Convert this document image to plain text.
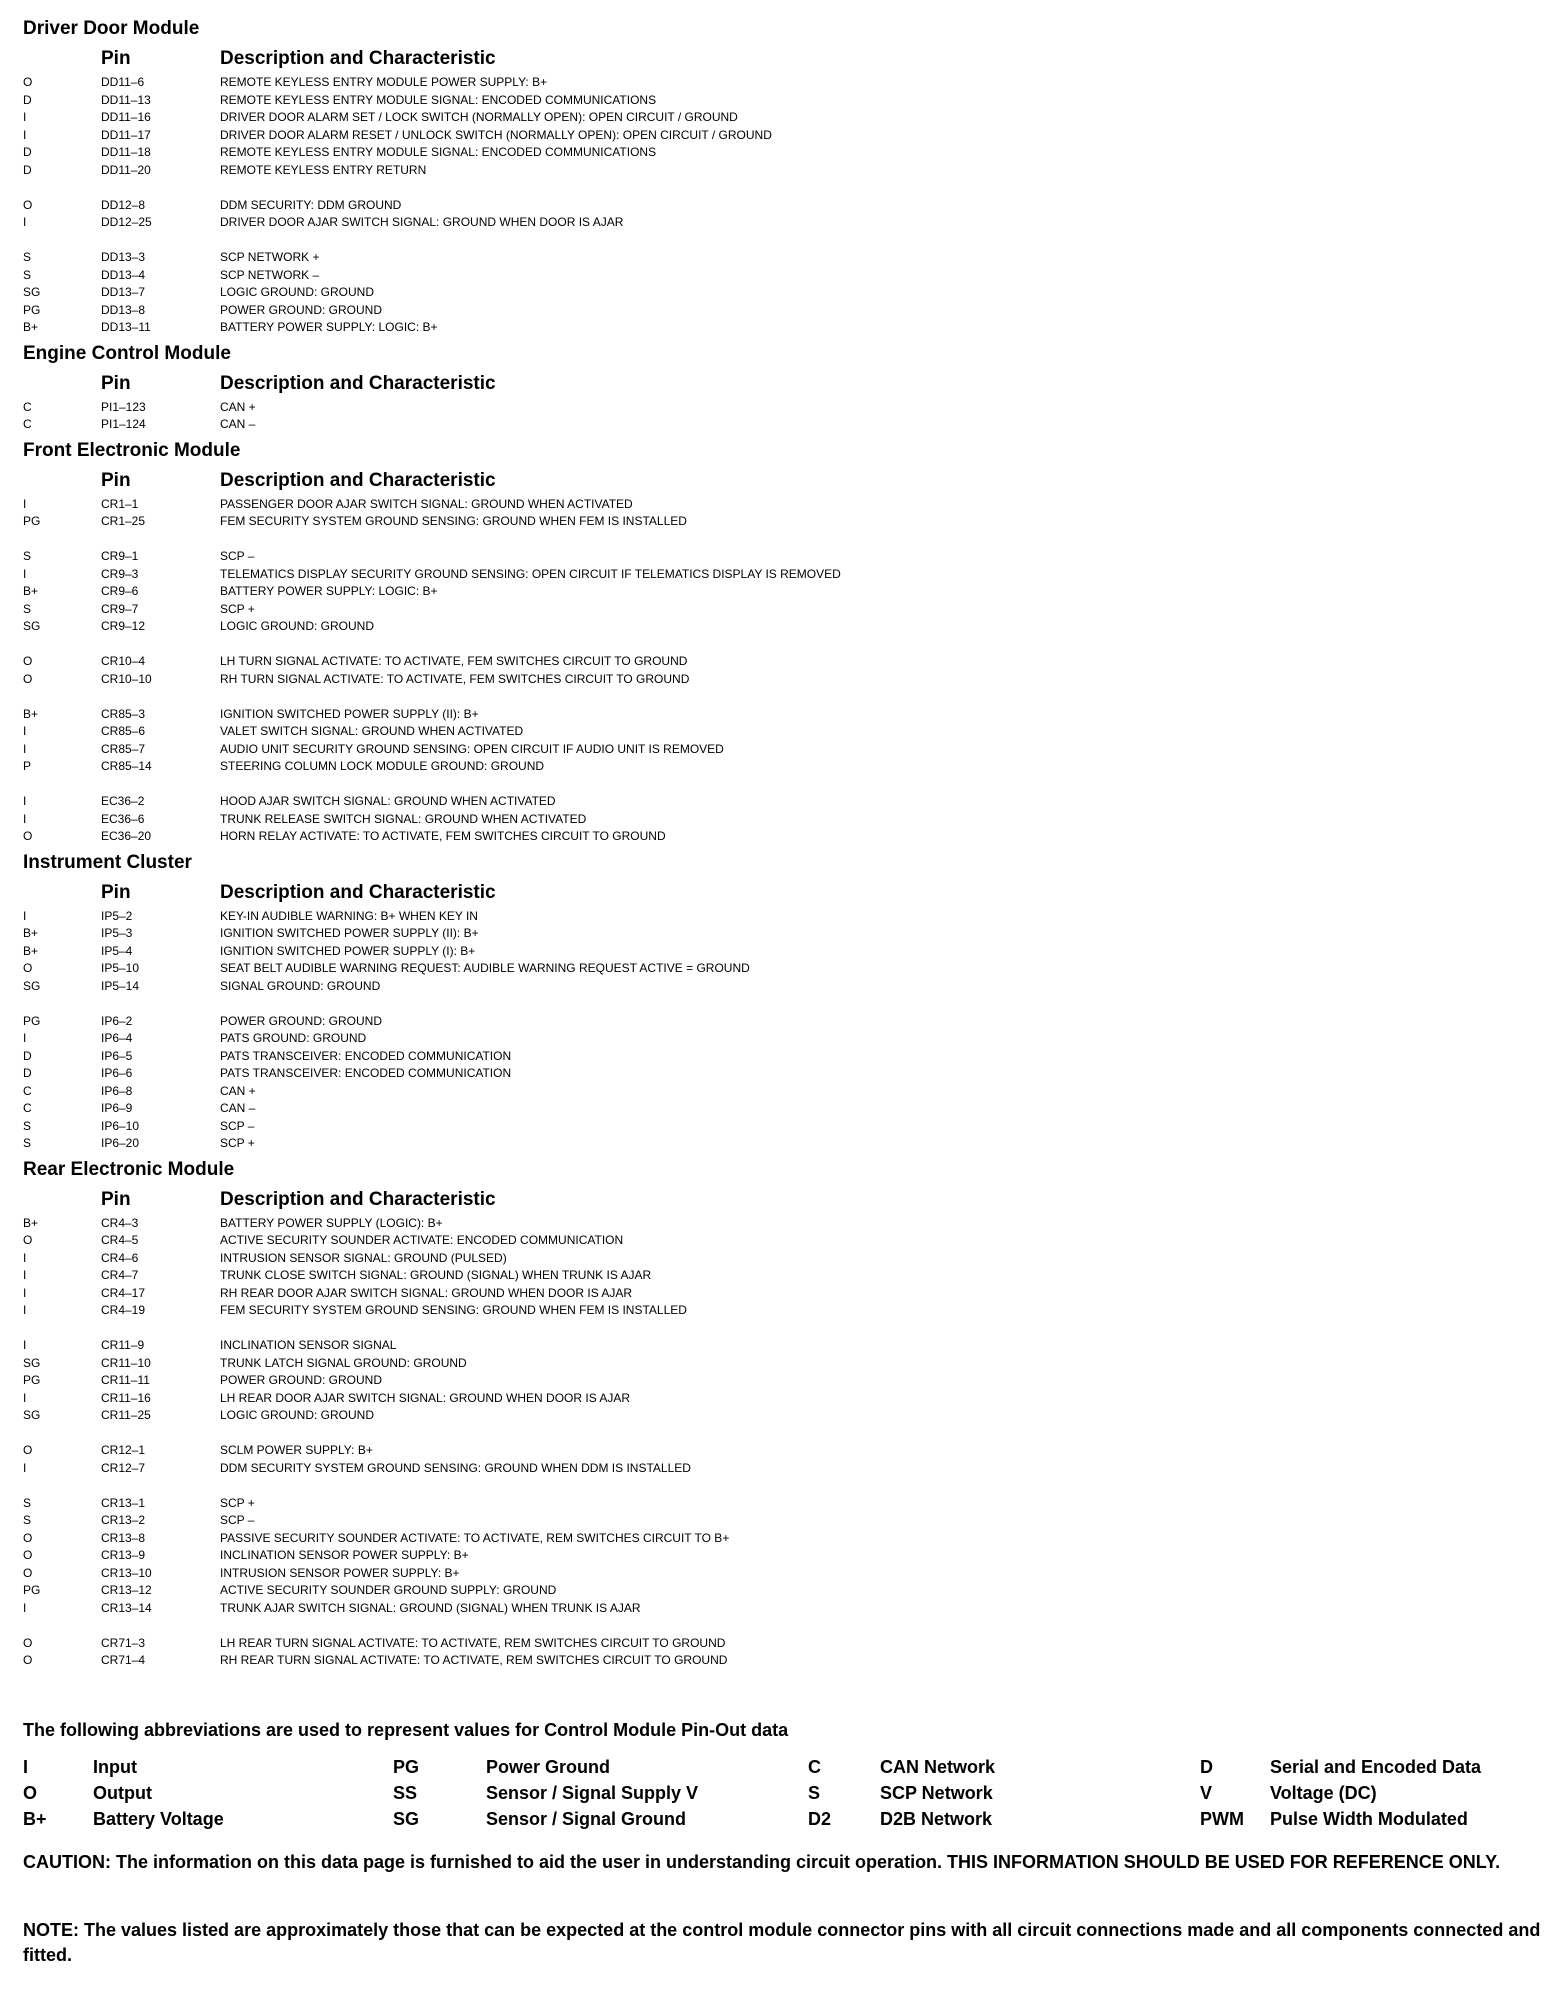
Driver Door Module
Pin	Description and Characteristic
O	DD11–6	REMOTE KEYLESS ENTRY MODULE POWER SUPPLY: B+
D	DD11–13	REMOTE KEYLESS ENTRY MODULE SIGNAL: ENCODED COMMUNICATIONS
I	DD11–16	DRIVER DOOR ALARM SET / LOCK SWITCH (NORMALLY OPEN): OPEN CIRCUIT / GROUND
I	DD11–17	DRIVER DOOR ALARM RESET / UNLOCK SWITCH (NORMALLY OPEN): OPEN CIRCUIT / GROUND
D	DD11–18	REMOTE KEYLESS ENTRY MODULE SIGNAL: ENCODED COMMUNICATIONS
D	DD11–20	REMOTE KEYLESS ENTRY RETURN
O	DD12–8	DDM SECURITY: DDM GROUND
I	DD12–25	DRIVER DOOR AJAR SWITCH SIGNAL: GROUND WHEN DOOR IS AJAR
S	DD13–3	SCP NETWORK +
S	DD13–4	SCP NETWORK –
SG	DD13–7	LOGIC GROUND: GROUND
PG	DD13–8	POWER GROUND: GROUND
B+	DD13–11	BATTERY POWER SUPPLY: LOGIC: B+
Engine Control Module
Pin	Description and Characteristic
C	PI1–123	CAN +
C	PI1–124	CAN –
Front Electronic Module
Pin	Description and Characteristic
I	CR1–1	PASSENGER DOOR AJAR SWITCH SIGNAL: GROUND WHEN ACTIVATED
PG	CR1–25	FEM SECURITY SYSTEM GROUND SENSING: GROUND WHEN FEM IS INSTALLED
S	CR9–1	SCP –
I	CR9–3	TELEMATICS DISPLAY SECURITY GROUND SENSING: OPEN CIRCUIT IF TELEMATICS DISPLAY IS REMOVED
B+	CR9–6	BATTERY POWER SUPPLY: LOGIC: B+
S	CR9–7	SCP +
SG	CR9–12	LOGIC GROUND: GROUND
O	CR10–4	LH TURN SIGNAL ACTIVATE: TO ACTIVATE, FEM SWITCHES CIRCUIT TO GROUND
O	CR10–10	RH TURN SIGNAL ACTIVATE: TO ACTIVATE, FEM SWITCHES CIRCUIT TO GROUND
B+	CR85–3	IGNITION SWITCHED POWER SUPPLY (II): B+
I	CR85–6	VALET SWITCH SIGNAL: GROUND WHEN ACTIVATED
I	CR85–7	AUDIO UNIT SECURITY GROUND SENSING: OPEN CIRCUIT IF AUDIO UNIT IS REMOVED
P	CR85–14	STEERING COLUMN LOCK MODULE GROUND: GROUND
I	EC36–2	HOOD AJAR SWITCH SIGNAL: GROUND WHEN ACTIVATED
I	EC36–6	TRUNK RELEASE SWITCH SIGNAL: GROUND WHEN ACTIVATED
O	EC36–20	HORN RELAY ACTIVATE: TO ACTIVATE, FEM SWITCHES CIRCUIT TO GROUND
Instrument Cluster
Pin	Description and Characteristic
I	IP5–2	KEY-IN AUDIBLE WARNING: B+ WHEN KEY IN
B+	IP5–3	IGNITION SWITCHED POWER SUPPLY (II): B+
B+	IP5–4	IGNITION SWITCHED POWER SUPPLY (I): B+
O	IP5–10	SEAT BELT AUDIBLE WARNING REQUEST: AUDIBLE WARNING REQUEST ACTIVE = GROUND
SG	IP5–14	SIGNAL GROUND: GROUND
PG	IP6–2	POWER GROUND: GROUND
I	IP6–4	PATS GROUND: GROUND
D	IP6–5	PATS TRANSCEIVER: ENCODED COMMUNICATION
D	IP6–6	PATS TRANSCEIVER: ENCODED COMMUNICATION
C	IP6–8	CAN +
C	IP6–9	CAN –
S	IP6–10	SCP –
S	IP6–20	SCP +
Rear Electronic Module
Pin	Description and Characteristic
B+	CR4–3	BATTERY POWER SUPPLY (LOGIC): B+
O	CR4–5	ACTIVE SECURITY SOUNDER ACTIVATE: ENCODED COMMUNICATION
I	CR4–6	INTRUSION SENSOR SIGNAL: GROUND (PULSED)
I	CR4–7	TRUNK CLOSE SWITCH SIGNAL: GROUND (SIGNAL) WHEN TRUNK IS AJAR
I	CR4–17	RH REAR DOOR AJAR SWITCH SIGNAL: GROUND WHEN DOOR IS AJAR
I	CR4–19	FEM SECURITY SYSTEM GROUND SENSING: GROUND WHEN FEM IS INSTALLED
I	CR11–9	INCLINATION SENSOR SIGNAL
SG	CR11–10	TRUNK LATCH SIGNAL GROUND: GROUND
PG	CR11–11	POWER GROUND: GROUND
I	CR11–16	LH REAR DOOR AJAR SWITCH SIGNAL: GROUND WHEN DOOR IS AJAR
SG	CR11–25	LOGIC GROUND: GROUND
O	CR12–1	SCLM POWER SUPPLY: B+
I	CR12–7	DDM SECURITY SYSTEM GROUND SENSING: GROUND WHEN DDM IS INSTALLED
S	CR13–1	SCP +
S	CR13–2	SCP –
O	CR13–8	PASSIVE SECURITY SOUNDER ACTIVATE: TO ACTIVATE, REM SWITCHES CIRCUIT TO B+
O	CR13–9	INCLINATION SENSOR POWER SUPPLY: B+
O	CR13–10	INTRUSION SENSOR POWER SUPPLY: B+
PG	CR13–12	ACTIVE SECURITY SOUNDER GROUND SUPPLY: GROUND
I	CR13–14	TRUNK AJAR SWITCH SIGNAL: GROUND (SIGNAL) WHEN TRUNK IS AJAR
O	CR71–3	LH REAR TURN SIGNAL ACTIVATE: TO ACTIVATE, REM SWITCHES CIRCUIT TO GROUND
O	CR71–4	RH REAR TURN SIGNAL ACTIVATE: TO ACTIVATE, REM SWITCHES CIRCUIT TO GROUND
The following abbreviations are used to represent values for Control Module Pin-Out data
I	Input	PG	Power Ground	C	CAN Network	D	Serial and Encoded Data
O	Output	SS	Sensor / Signal Supply V	S	SCP Network	V	Voltage (DC)
B+	Battery Voltage	SG	Sensor / Signal Ground	D2	D2B Network	PWM Pulse Width Modulated
CAUTION: The information on this data page is furnished to aid the user in understanding circuit operation. THIS INFORMATION SHOULD BE USED FOR REFERENCE ONLY.
NOTE: The values listed are approximately those that can be expected at the control module connector pins with all circuit connections made and all components connected and fitted.
